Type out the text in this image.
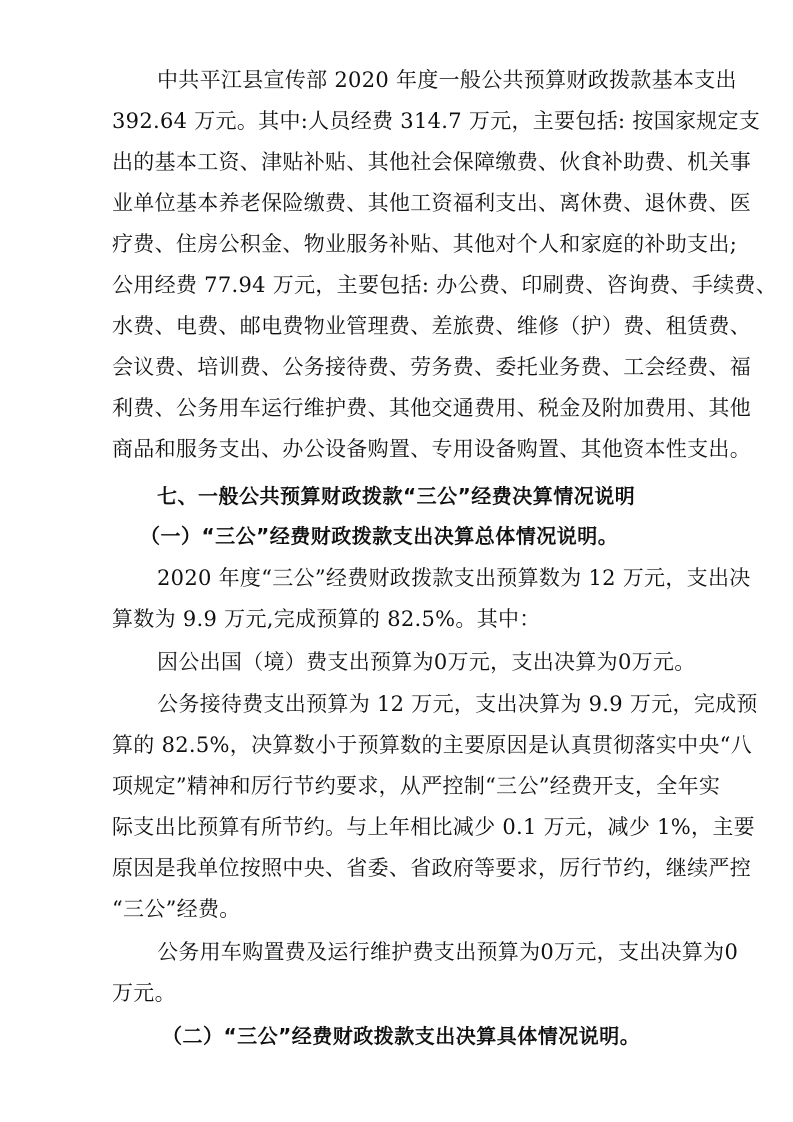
中共平江县宣传部 2020 年度一般公共预算财政拨款基本支出
392.64 万元。其中:人员经费 314.7 万元，主要包括: 按国家规定支
出的基本工资、津贴补贴、其他社会保障缴费、伙食补助费、机关事
业单位基本养老保险缴费、其他工资福利支出、离休费、退休费、医
疗费、住房公积金、物业服务补贴、其他对个人和家庭的补助支出;
公用经费 77.94 万元，主要包括: 办公费、印刷费、咨询费、手续费、
水费、电费、邮电费物业管理费、差旅费、维修（护）费、租赁费、
会议费、培训费、公务接待费、劳务费、委托业务费、工会经费、福
利费、公务用车运行维护费、其他交通费用、税金及附加费用、其他
商品和服务支出、办公设备购置、专用设备购置、其他资本性支出。
七、一般公共预算财政拨款“三公”经费决算情况说明
（一）“三公”经费财政拨款支出决算总体情况说明。
2020 年度“三公”经费财政拨款支出预算数为 12 万元，支出决
算数为 9.9 万元,完成预算的 82.5%。其中：
因公出国（境）费支出预算为0万元，支出决算为0万元。
公务接待费支出预算为 12 万元，支出决算为 9.9 万元，完成预
算的 82.5%，决算数小于预算数的主要原因是认真贯彻落实中央“八
项规定”精神和厉行节约要求，从严控制“三公”经费开支，全年实
际支出比预算有所节约。与上年相比减少 0.1 万元，减少 1%，主要
原因是我单位按照中央、省委、省政府等要求，厉行节约，继续严控
“三公”经费。
公务用车购置费及运行维护费支出预算为0万元，支出决算为0
万元。
（二）“三公”经费财政拨款支出决算具体情况说明。
